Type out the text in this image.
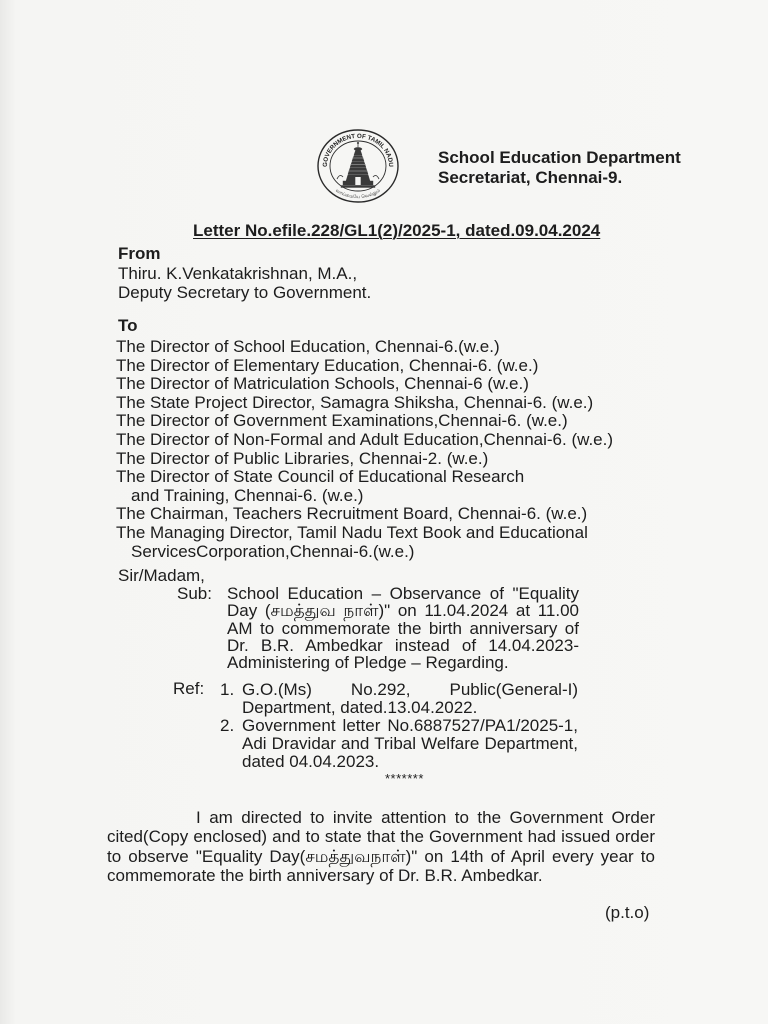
GOVERNMENT OF TAMIL NADU
வாய்மையே வெல்லும்
School Education Department
Secretariat, Chennai-9.
Letter No.efile.228/GL1(2)/2025-1, dated.09.04.2024
From
Thiru. K.Venkatakrishnan, M.A.,
Deputy Secretary to Government.
To
The Director of School Education, Chennai-6.(w.e.)
The Director of Elementary Education, Chennai-6. (w.e.)
The Director of Matriculation Schools, Chennai-6 (w.e.)
The State Project Director, Samagra Shiksha, Chennai-6. (w.e.)
The Director of Government Examinations,Chennai-6. (w.e.)
The Director of Non-Formal and Adult Education,Chennai-6. (w.e.)
The Director of Public Libraries, Chennai-2. (w.e.)
The Director of State Council of Educational Research
and Training, Chennai-6. (w.e.)
The Chairman, Teachers Recruitment Board, Chennai-6. (w.e.)
The Managing Director, Tamil Nadu Text Book and Educational
ServicesCorporation,Chennai-6.(w.e.)
Sir/Madam,
Sub: School Education – Observance of "Equality
Day (சமத்துவ நாள்)" on 11.04.2024 at 11.00
AM to commemorate the birth anniversary of
Dr. B.R. Ambedkar instead of 14.04.2023-
Administering of Pledge – Regarding.
Ref: 1. G.O.(Ms) No.292, Public(General-I)
Department, dated.13.04.2022.
2. Government letter No.6887527/PA1/2025-1,
Adi Dravidar and Tribal Welfare Department,
dated 04.04.2023.
*******
I am directed to invite attention to the Government Order
cited(Copy enclosed) and to state that the Government had issued order
to observe "Equality Day(சமத்துவநாள்)" on 14th of April every year to
commemorate the birth anniversary of Dr. B.R. Ambedkar.
(p.t.o)
